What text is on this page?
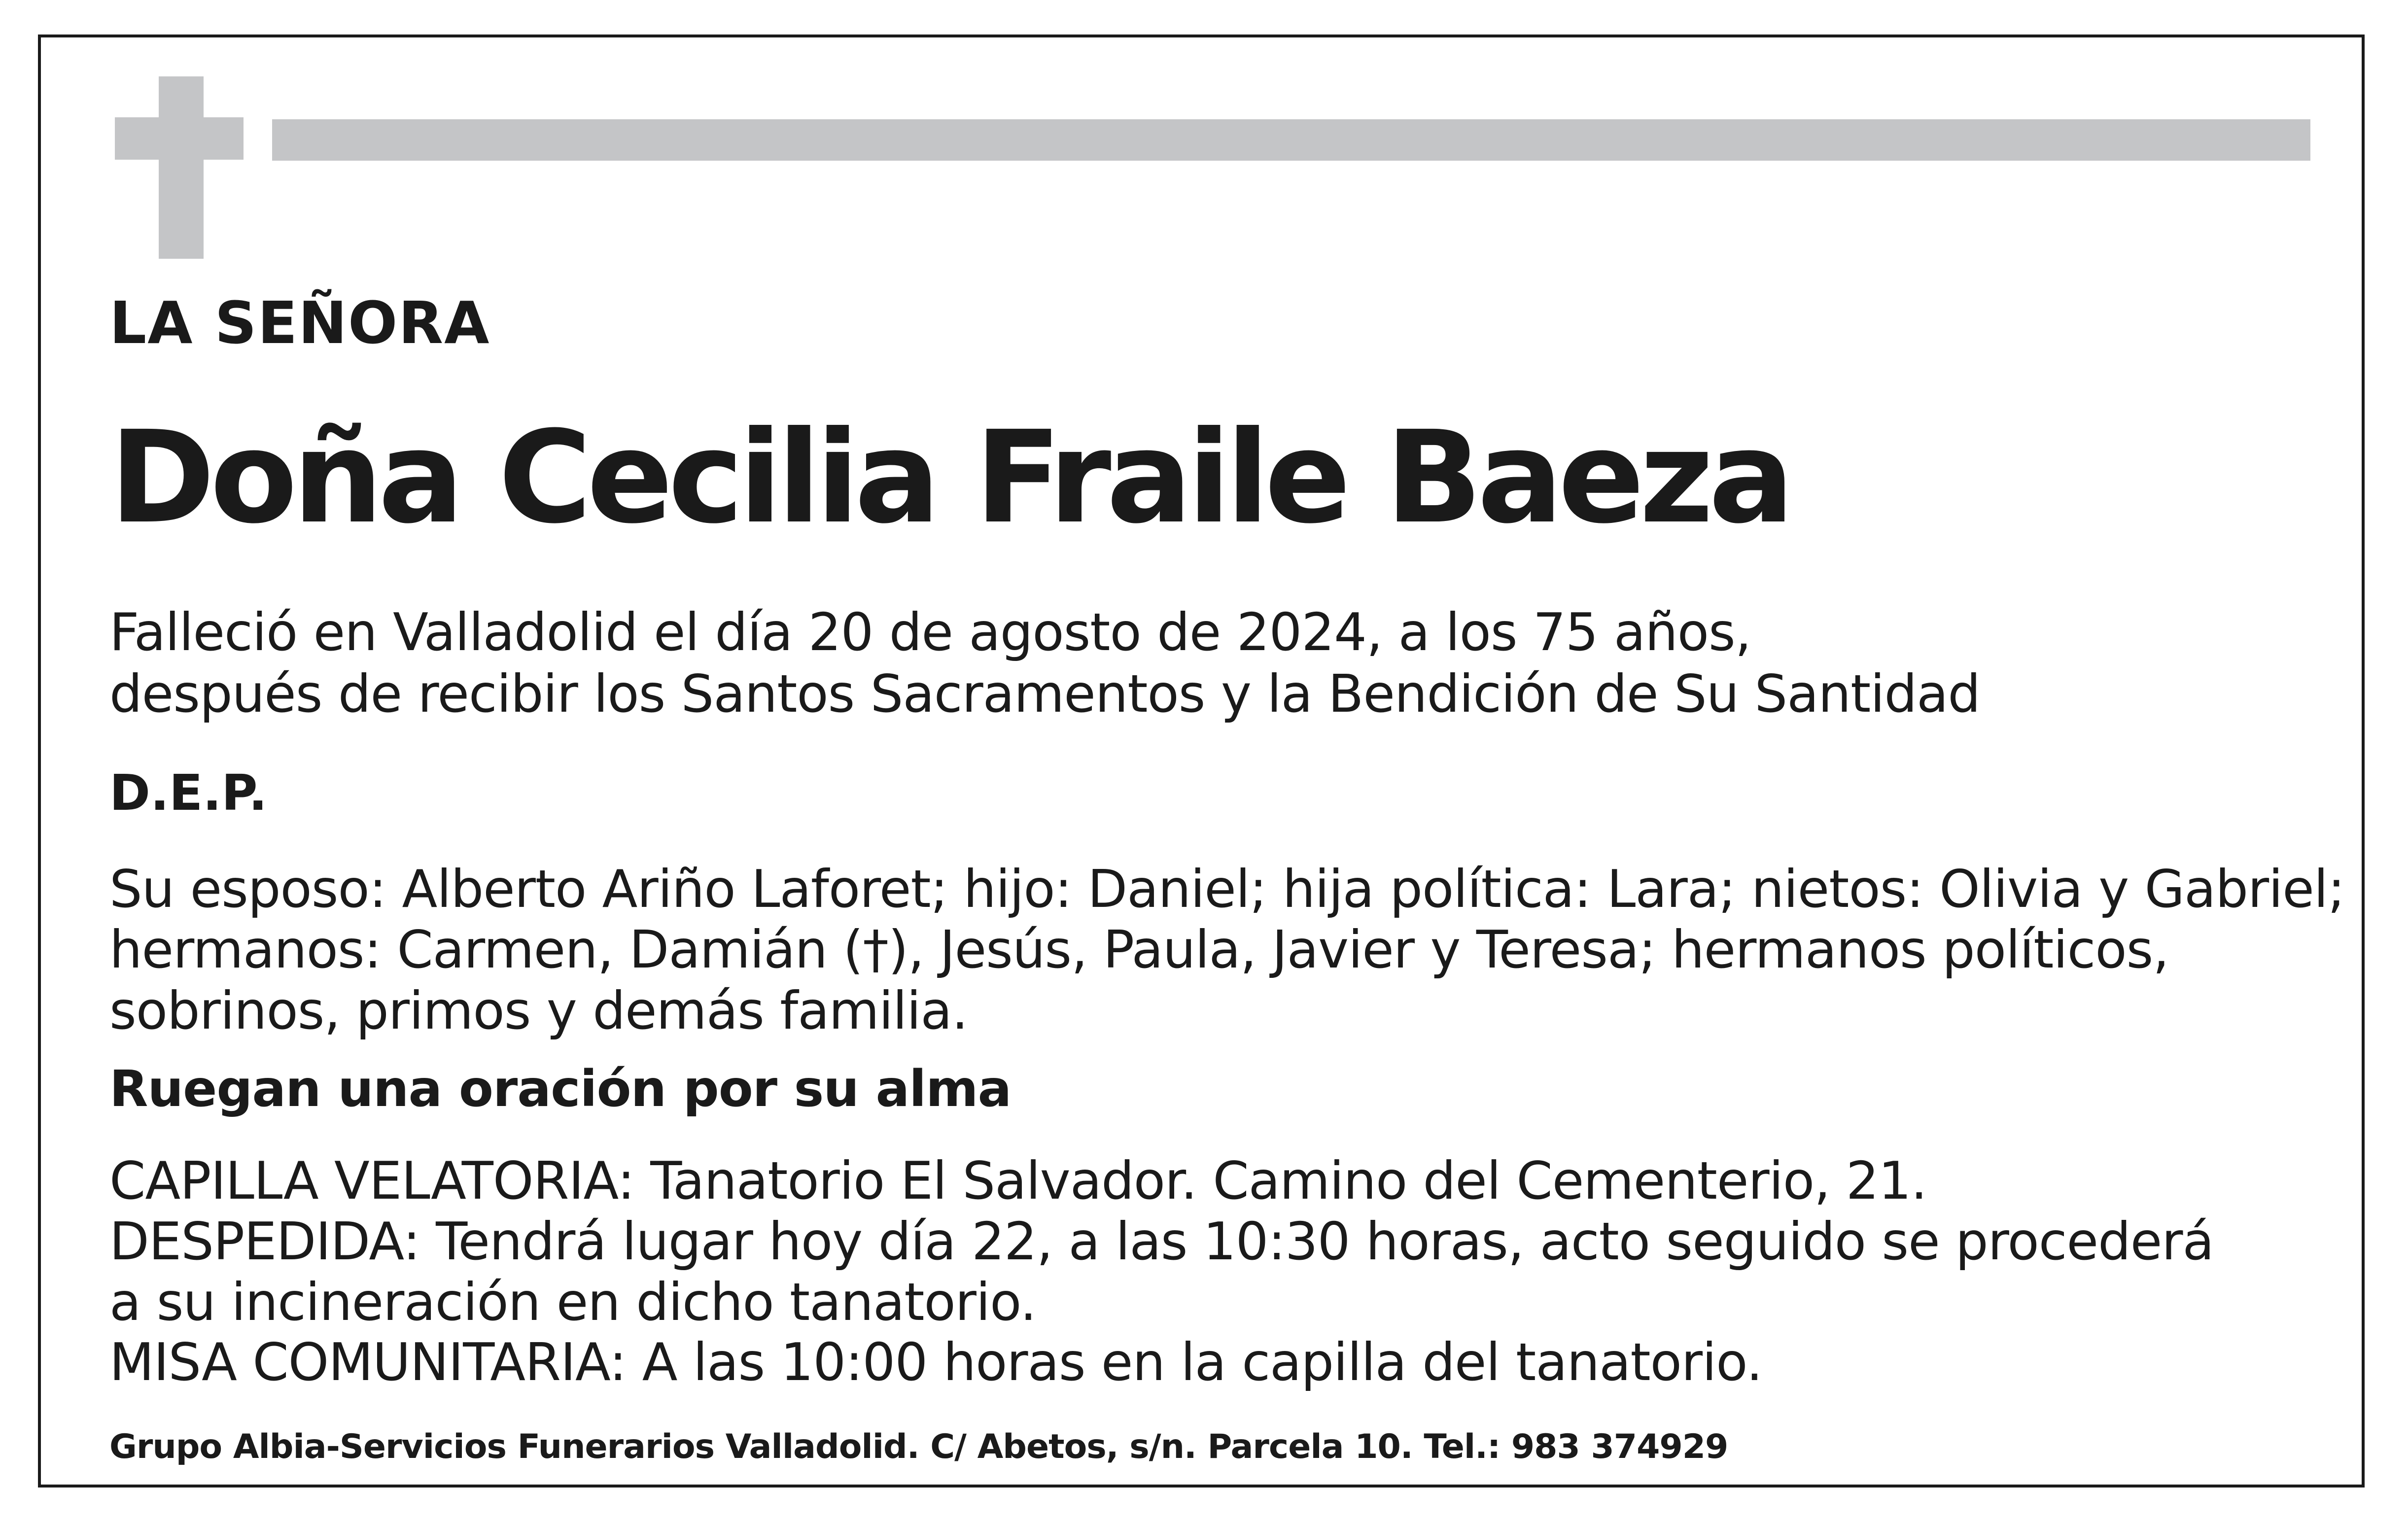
LA SEÑORA

Doña Cecilia Fraile Baeza

Falleció en Valladolid el día 20 de agosto de 2024, a los 75 años,

después de recibir los Santos Sacramentos y la Bendición de Su Santidad

D.E.P.

Su esposo: Alberto Ariño Laforet; hijo: Daniel; hija política: Lara; nietos: Olivia y Gabriel;

hermanos: Carmen, Damián (†), Jesús, Paula, Javier y Teresa; hermanos políticos,

sobrinos, primos y demás familia.

Ruegan una oración por su alma

CAPILLA VELATORIA: Tanatorio El Salvador. Camino del Cementerio, 21.

DESPEDIDA: Tendrá lugar hoy día 22, a las 10:30 horas, acto seguido se procederá

a su incineración en dicho tanatorio.

MISA COMUNITARIA: A las 10:00 horas en la capilla del tanatorio.

Grupo Albia-Servicios Funerarios Valladolid. C/ Abetos, s/n. Parcela 10. Tel.: 983 374929
